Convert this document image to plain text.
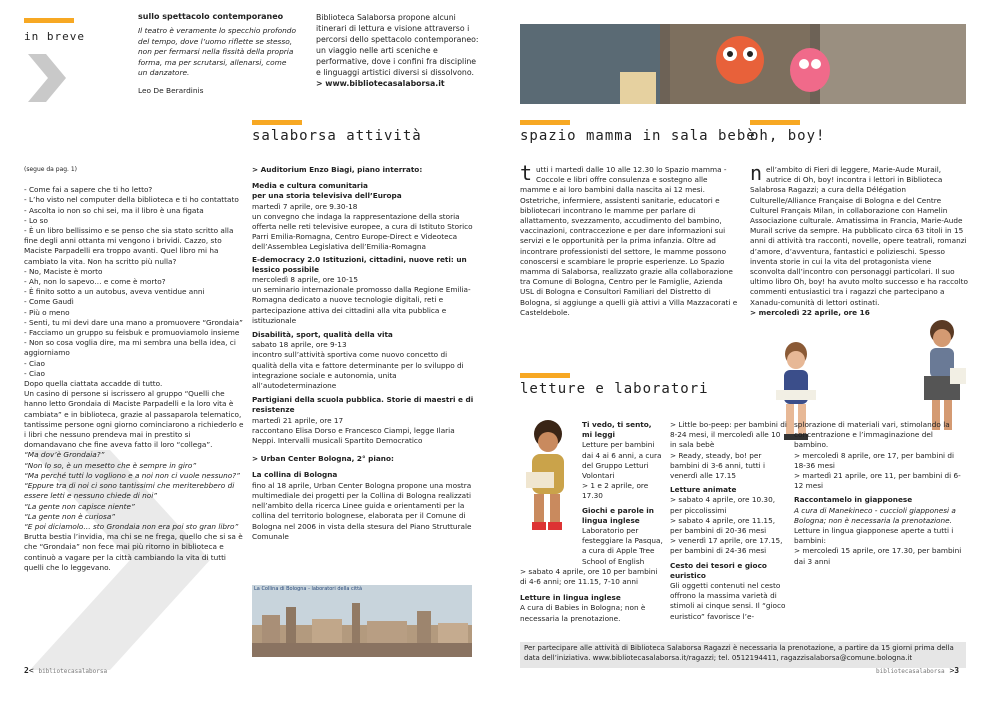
in breve
sullo spettacolo contemporaneo
Il teatro è veramente lo specchio profondo del tempo, dove l’uomo riflette se stesso, non per fermarsi nella fissità della propria forma, ma per scrutarsi, allenarsi, come un danzatore.
Leo De Berardinis
Biblioteca Salaborsa propone alcuni itinerari di lettura e visione attraverso i percorsi dello spettacolo contemporaneo: un viaggio nelle arti sceniche e performative, dove i confini fra discipline e linguaggi artistici diversi si dissolvono.
> www.bibliotecasalaborsa.it
salaborsa attività
(segue da pag. 1)
- Come fai a sapere che ti ho letto?
- L’ho visto nel computer della biblioteca e ti ho contattato
- Ascolta io non so chi sei, ma il libro è una figata
- Lo so
- È un libro bellissimo e se penso che sia stato scritto alla fine degli anni ottanta mi vengono i brividi. Cazzo, sto Maciste Parpadelli era troppo avanti. Quel libro mi ha cambiato la vita. Non ha scritto più nulla?
- No, Maciste è morto
- Ah, non lo sapevo… e come è morto?
- È finito sotto a un autobus, aveva ventidue anni
- Come Gaudì
- Più o meno
- Senti, tu mi devi dare una mano a promuovere “Grondaia”
- Facciamo un gruppo su feisbuk e promuoviamolo insieme
- Non so cosa voglia dire, ma mi sembra una bella idea, ci aggiorniamo
- Ciao
- Ciao
Dopo quella ciattata accadde di tutto.
Un casino di persone si iscrissero al gruppo “Quelli che hanno letto Grondaia di Maciste Parpadelli e la loro vita è cambiata” e in biblioteca, grazie al passaparola telematico, tantissime persone ogni giorno cominciarono a richiederlo e i libri che nessuno prendeva mai in prestito si domandavano che fine aveva fatto il loro “collega”.
“Ma dov’è Grondaia?”
“Non lo so, è un mesetto che è sempre in giro”
“Ma perché tutti lo vogliono e a noi non ci vuole nessuno?”
“Eppure tra di noi ci sono tantissimi che meriterebbero di essere letti e nessuno chiede di noi”
“La gente non capisce niente”
“La gente non è curiosa”
“E poi diciamolo… sto Grondaia non era poi sto gran libro”
Brutta bestia l’invidia, ma chi se ne frega, quello che si sa è che “Grondaia” non fece mai più ritorno in biblioteca e continuò a vagare per la città cambiando la vita di tutti quelli che lo leggevano.
> Auditorium Enzo Biagi, piano interrato:
Media e cultura comunitaria
per una storia televisiva dell’Europa
martedì 7 aprile, ore 9.30-18
un convegno che indaga la rappresentazione della storia offerta nelle reti televisive europee, a cura di Istituto Storico Parri Emilia-Romagna, Centro Europe-Direct e Videoteca dell’Assemblea Legislativa dell’Emilia-Romagna
E-democracy 2.0 Istituzioni, cittadini, nuove reti: un lessico possibile
mercoledì 8 aprile, ore 10-15
un seminario internazionale promosso dalla Regione Emilia-Romagna dedicato a nuove tecnologie digitali, reti e partecipazione attiva dei cittadini alla vita pubblica e istituzionale
Disabilità, sport, qualità della vita
sabato 18 aprile, ore 9-13
incontro sull’attività sportiva come nuovo concetto di qualità della vita e fattore determinante per lo sviluppo di integrazione sociale e autonomia, unita all’autodeterminazione
Partigiani della scuola pubblica. Storie di maestri e di resistenze
martedì 21 aprile, ore 17
raccontano Elisa Dorso e Francesco Ciampi, legge Ilaria Neppi. Intervalli musicali Spartito Democratico
> Urban Center Bologna, 2° piano:
La collina di Bologna
fino al 18 aprile, Urban Center Bologna propone una mostra multimediale dei progetti per la Collina di Bologna realizzati nell’ambito della ricerca Linee guida e orientamenti per la collina del territorio bolognese, elaborata per il Comune di Bologna nel 2006 in vista della stesura del Piano Strutturale Comunale
La Collina di Bologna - laboratori della città
2< bibliotecasalaborsa
spazio mamma in sala bebè
t utti i martedì dalle 10 alle 12.30 lo Spazio mamma - Coccole e libri offre consulenza e sostegno alle mamme e ai loro bambini dalla nascita ai 12 mesi. Ostetriche, infermiere, assistenti sanitarie, educatori e bibliotecari incontrano le mamme per parlare di allattamento, svezzamento, accudimento del bambino, vaccinazioni, contraccezione e per dare informazioni sui servizi e le opportunità per la prima infanzia. Oltre ad incontrare professionisti del settore, le mamme possono conoscersi e scambiare le proprie esperienze. Lo Spazio mamma di Salaborsa, realizzato grazie alla collaborazione tra Comune di Bologna, Centro per le Famiglie, Azienda USL di Bologna e Consultori Familiari del Distretto di Bologna, si aggiunge a quelli già attivi a Villa Mazzacorati e Casteldebole.
oh, boy!
n ell’ambito di Fieri di leggere, Marie-Aude Murail, autrice di Oh, boy! incontra i lettori in Biblioteca Salabrosa Ragazzi; a cura della Délégation Culturelle/Alliance Française di Bologna e del Centre Culturel Français Milan, in collaborazione con Hamelin Associazione culturale. Amatissima in Francia, Marie-Aude Murail scrive da sempre. Ha pubblicato circa 63 titoli in 15 anni di attività tra racconti, novelle, opere teatrali, romanzi d’amore, d’avventura, fantastici e polizieschi. Spesso inventa storie in cui la vita del protagonista viene sconvolta dall’incontro con personaggi particolari. Il suo ultimo libro Oh, boy! ha avuto molto successo e ha raccolto commenti entusiastici tra i ragazzi che partecipano a Xanadu-comunità di lettori ostinati.
> mercoledì 22 aprile, ore 16
letture e laboratori
Ti vedo, ti sento, mi leggi
Letture per bambini dai 4 ai 6 anni, a cura del Gruppo Letturi Volontari
> 1 e 2 aprile, ore 17.30
Giochi e parole in lingua inglese
Laboratorio per festeggiare la Pasqua, a cura di Apple Tree School of English
> sabato 4 aprile, ore 10 per bambini di 4-6 anni; ore 11.15, 7-10 anni
Letture in lingua inglese
A cura di Babies in Bologna; non è necessaria la prenotazione.
> Little bo-peep: per bambini di 8-24 mesi, il mercoledì alle 10 in sala bebè
> Ready, steady, bo! per bambini di 3-6 anni, tutti i venerdì alle 17.15
Letture animate
> sabato 4 aprile, ore 10.30, per piccolissimi
> sabato 4 aprile, ore 11.15, per bambini di 20-36 mesi
> venerdì 17 aprile, ore 17.15, per bambini di 24-36 mesi
Cesto dei tesori e gioco euristico
Gli oggetti contenuti nel cesto offrono la massima varietà di stimoli ai cinque sensi. Il “gioco euristico” favorisce l’e-
splorazione di materiali vari, stimolando la concentrazione e l’immaginazione del bambino.
> mercoledì 8 aprile, ore 17, per bambini di 18-36 mesi
> martedì 21 aprile, ore 11, per bambini di 6-12 mesi
Raccontamelo in giapponese
A cura di Manekineco - cuccioli giapponesi a Bologna; non è necessaria la prenotazione.
Letture in lingua giapponese aperte a tutti i bambini:
> mercoledì 15 aprile, ore 17.30, per bambini dai 3 anni
Per partecipare alle attività di Biblioteca Salaborsa Ragazzi è necessaria la prenotazione, a partire da 15 giorni prima della data dell’iniziativa. www.bibliotecasalaborsa.it/ragazzi; tel. 0512194411, ragazzisalaborsa@comune.bologna.it
bibliotecasalaborsa >3
